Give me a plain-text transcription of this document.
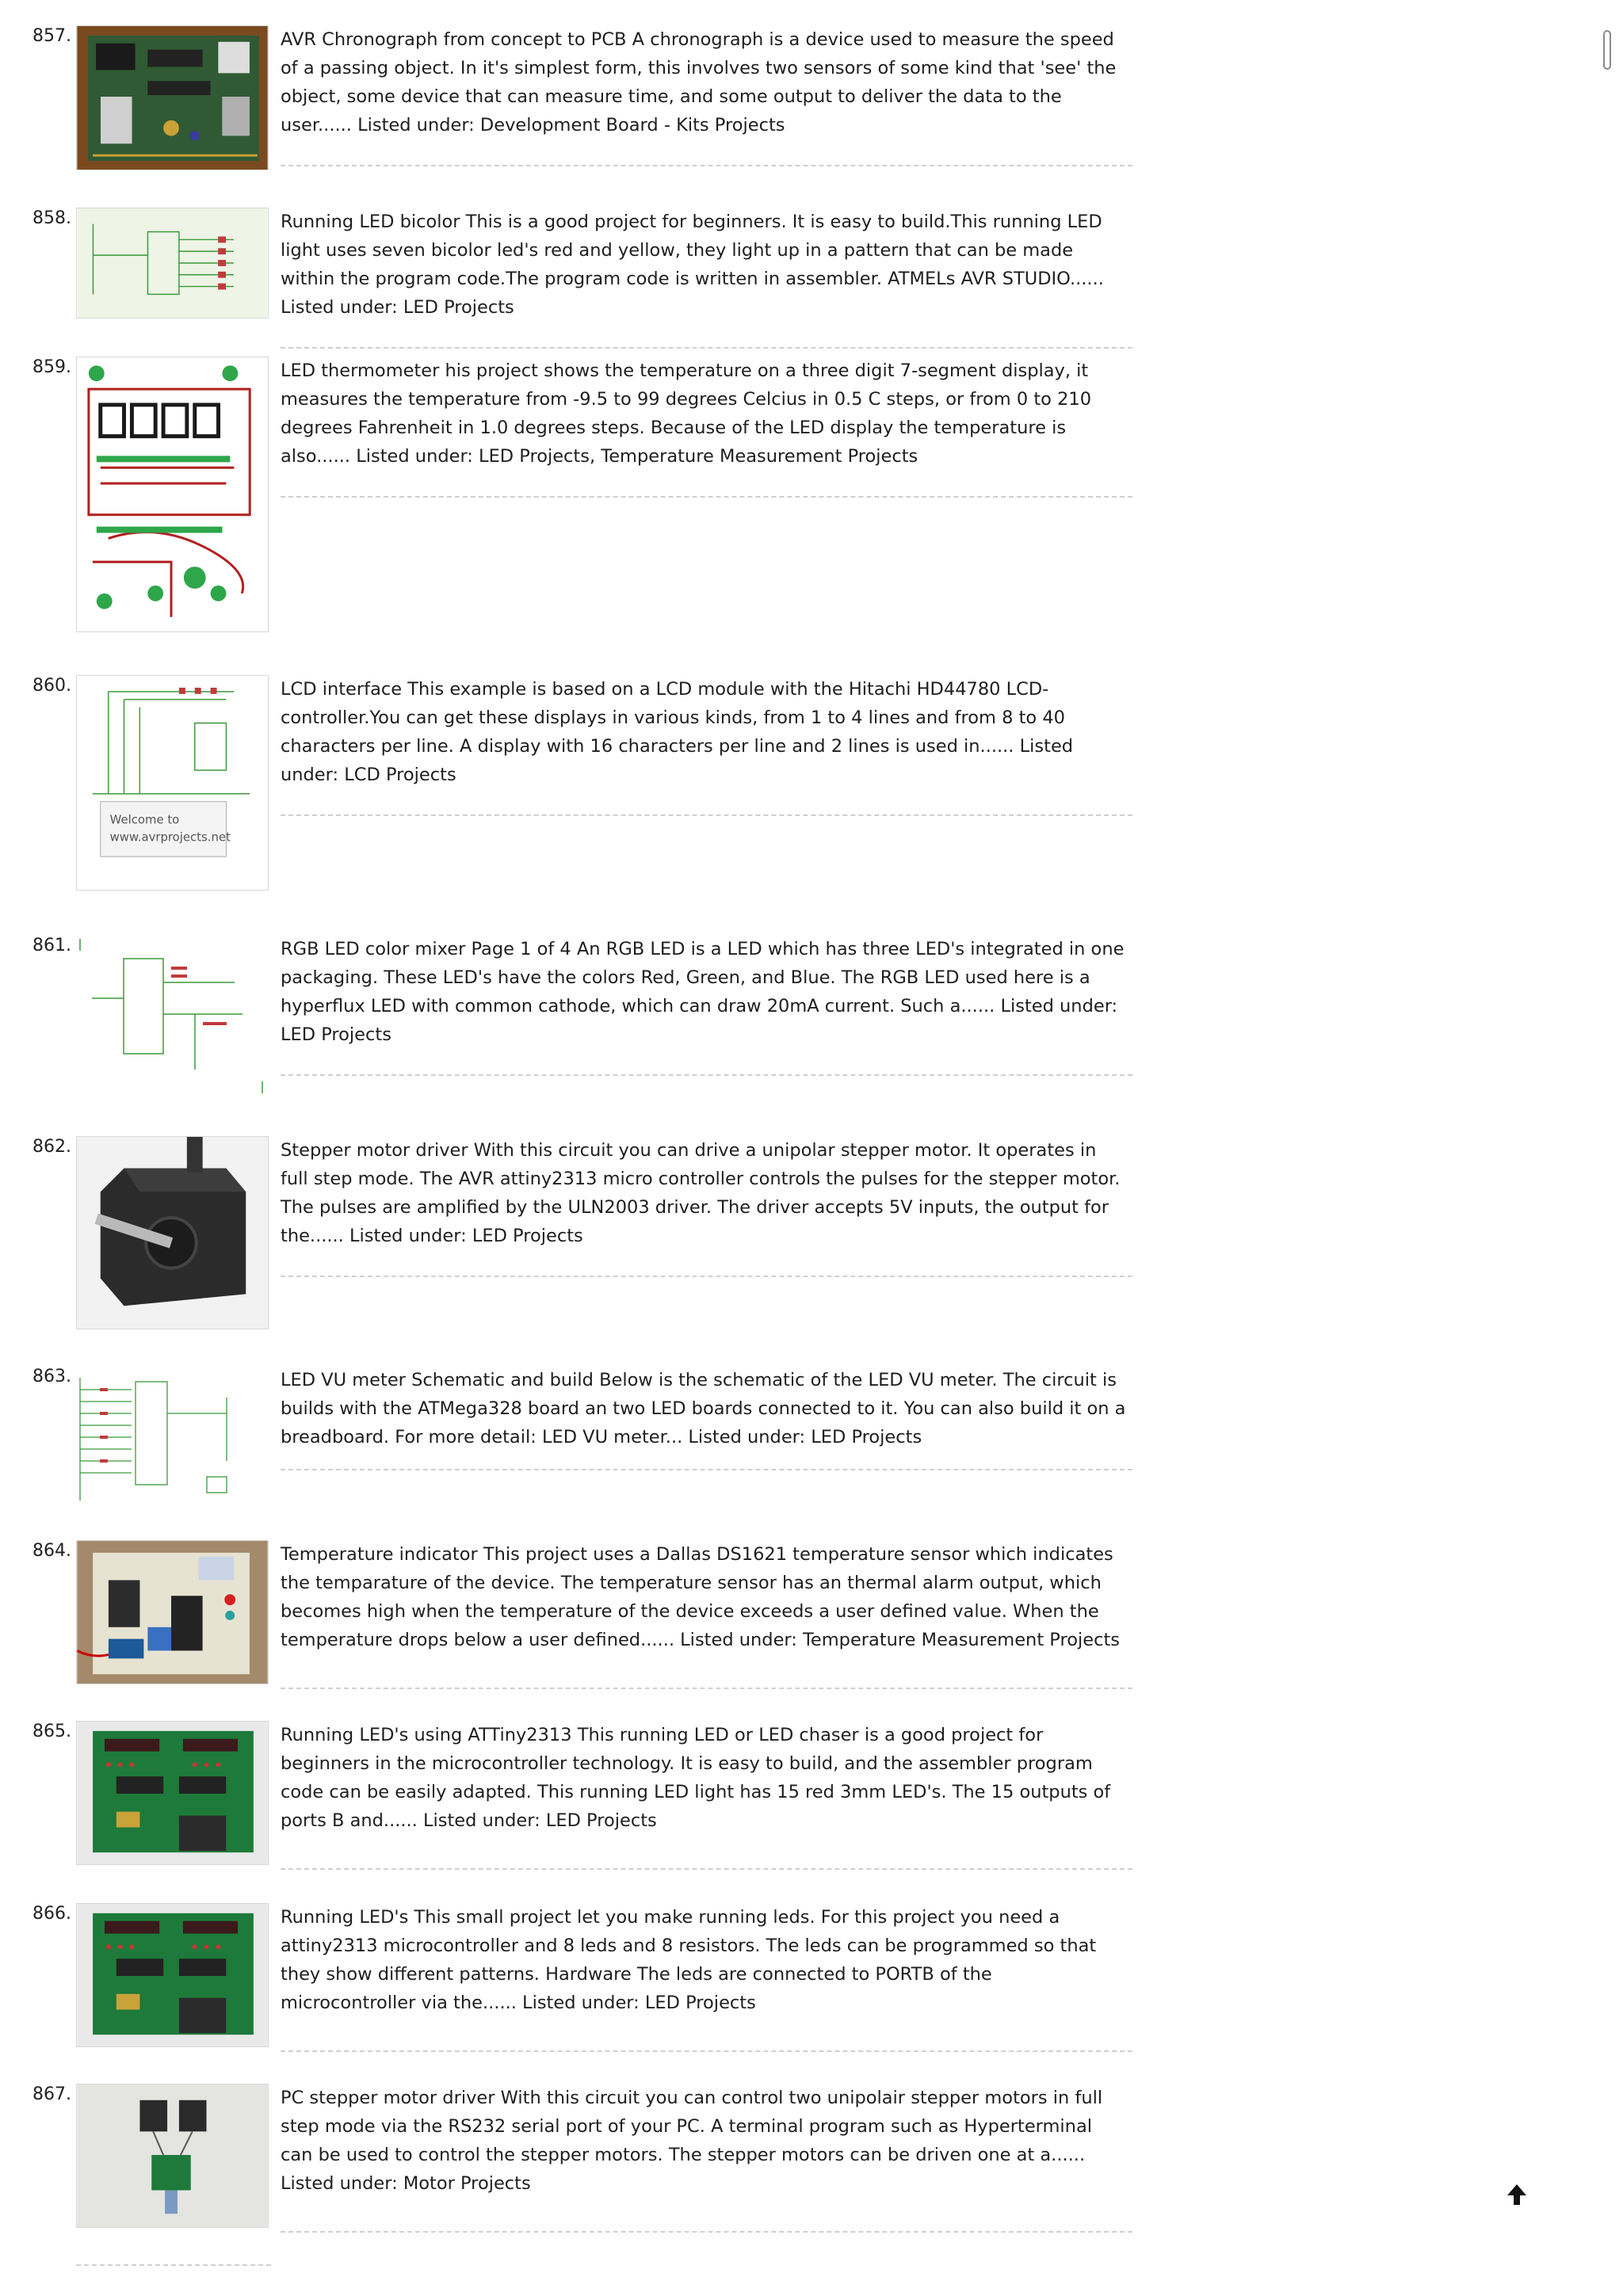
857.	AVR Chronograph from concept to PCB A chronograph is a device used to measure the speed of a passing object. In it's simplest form, this involves two sensors of some kind that 'see' the object, some device that can measure time, and some output to deliver the data to the user...... Listed under: Development Board - Kits Projects

858.	Running LED bicolor This is a good project for beginners. It is easy to build.This running LED light uses seven bicolor led's red and yellow, they light up in a pattern that can be made within the program code.The program code is written in assembler. ATMELs AVR STUDIO...... Listed under: LED Projects

859.	LED thermometer his project shows the temperature on a three digit 7-segment display, it measures the temperature from -9.5 to 99 degrees Celcius in 0.5 C steps, or from 0 to 210 degrees Fahrenheit in 1.0 degrees steps. Because of the LED display the temperature is also...... Listed under: LED Projects, Temperature Measurement Projects

860.
Welcome to www.avrprojects.net

LCD interface This example is based on a LCD module with the Hitachi HD44780 LCD-controller.You can get these displays in various kinds, from 1 to 4 lines and from 8 to 40 characters per line. A display with 16 characters per line and 2 lines is used in...... Listed under: LCD Projects

861.	RGB LED color mixer Page 1 of 4 An RGB LED is a LED which has three LED's integrated in one packaging. These LED's have the colors Red, Green, and Blue. The RGB LED used here is a hyperflux LED with common cathode, which can draw 20mA current. Such a...... Listed under: LED Projects

862.	Stepper motor driver With this circuit you can drive a unipolar stepper motor. It operates in full step mode. The AVR attiny2313 micro controller controls the pulses for the stepper motor. The pulses are amplified by the ULN2003 driver. The driver accepts 5V inputs, the output for the...... Listed under: LED Projects

863.	LED VU meter Schematic and build Below is the schematic of the LED VU meter. The circuit is builds with the ATMega328 board an two LED boards connected to it. You can also build it on a breadboard. For more detail: LED VU meter... Listed under: LED Projects

864.	Temperature indicator This project uses a Dallas DS1621 temperature sensor which indicates the temparature of the device. The temperature sensor has an thermal alarm output, which becomes high when the temperature of the device exceeds a user defined value. When the temperature drops below a user defined...... Listed under: Temperature Measurement Projects

865.	Running LED's using ATTiny2313 This running LED or LED chaser is a good project for beginners in the microcontroller technology. It is easy to build, and the assembler program code can be easily adapted. This running LED light has 15 red 3mm LED's. The 15 outputs of ports B and...... Listed under: LED Projects

866.	Running LED's This small project let you make running leds. For this project you need a attiny2313 microcontroller and 8 leds and 8 resistors. The leds can be programmed so that they show different patterns. Hardware The leds are connected to PORTB of the microcontroller via the...... Listed under: LED Projects

867.	PC stepper motor driver With this circuit you can control two unipolair stepper motors in full step mode via the RS232 serial port of your PC. A terminal program such as Hyperterminal can be used to control the stepper motors. The stepper motors can be driven one at a...... Listed under: Motor Projects
